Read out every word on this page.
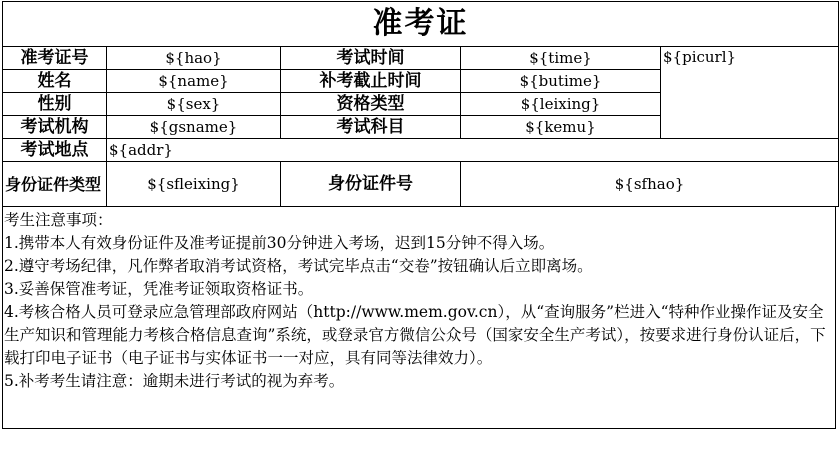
准考证				
准考证号	${hao}	考试时间	${time}	${picurl}
姓名	${name}	补考截止时间	${butime}	
性别	${sex}	资格类型	${leixing}	
考试机构	${gsname}	考试科目	${kemu}	
考试地点	${addr}			
身份证件类型	${sfleixing}	身份证件号	${sfhao}	

考生注意事项：

1.携带本人有效身份证件及准考证提前30分钟进入考场，迟到15分钟不得入场。

2.遵守考场纪律，凡作弊者取消考试资格，考试完毕点击“交卷”按钮确认后立即离场。

3.妥善保管准考证，凭准考证领取资格证书。

4.考核合格人员可登录应急管理部政府网站（http://www.mem.gov.cn），从“查询服务”栏进入“特种作业操作证及安全生产知识和管理能力考核合格信息查询”系统，或登录官方微信公众号（国家安全生产考试），按要求进行身份认证后，下载打印电子证书（电子证书与实体证书一一对应，具有同等法律效力）。

5.补考考生请注意：逾期未进行考试的视为弃考。
